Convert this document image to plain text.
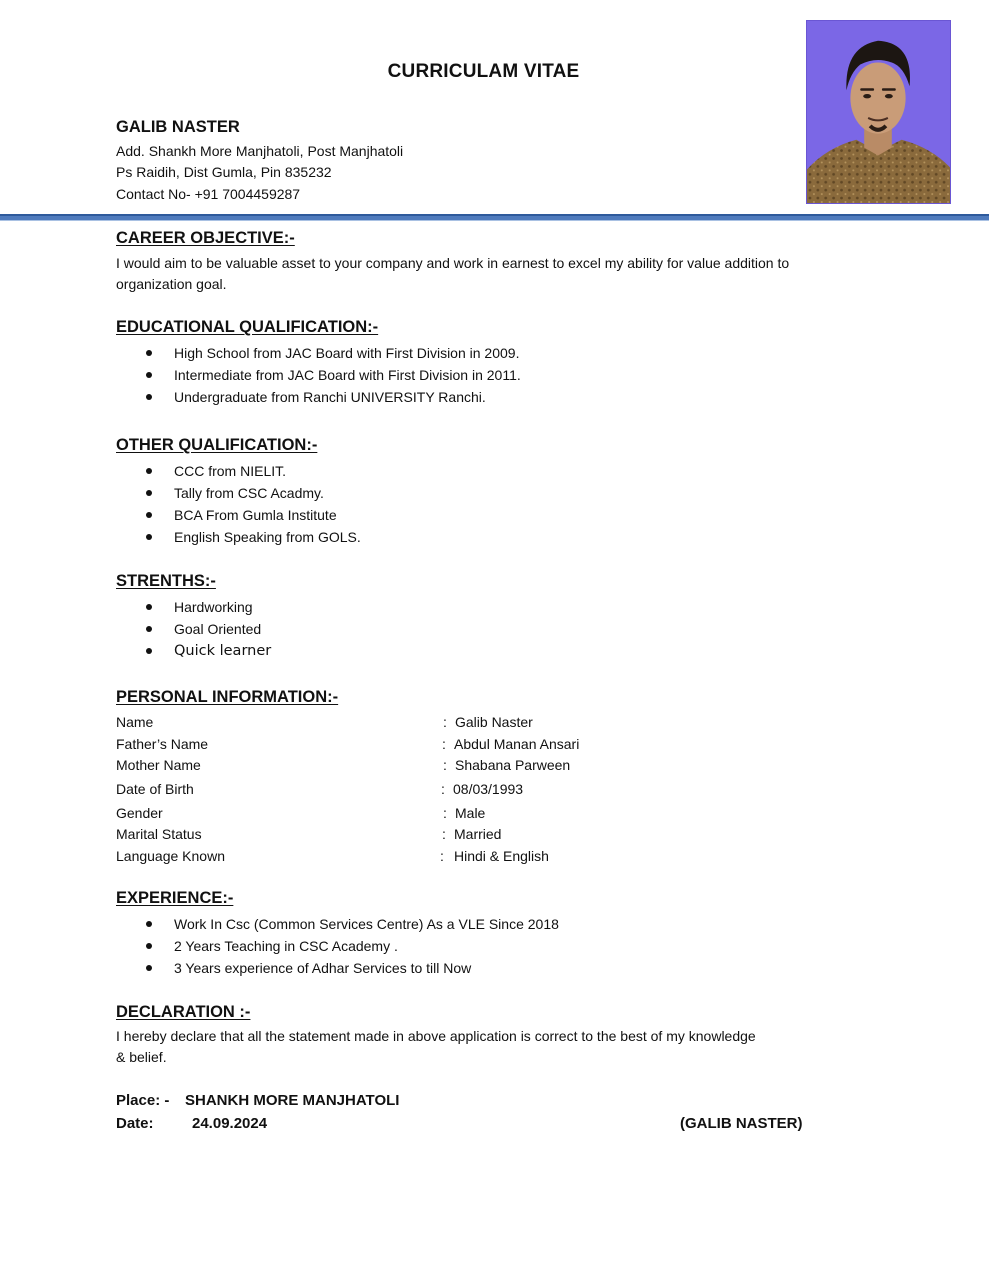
CURRICULAM VITAE
GALIB NASTER
Add. Shankh More Manjhatoli, Post Manjhatoli
Ps Raidih, Dist Gumla, Pin 835232
Contact No- +91 7004459287
CAREER OBJECTIVE:-
I would aim to be valuable asset to your company and work in earnest to excel my ability for value addition to
organization goal.
EDUCATIONAL QUALIFICATION:-
High School from JAC Board with First Division in 2009.
Intermediate from JAC Board with First Division in 2011.
Undergraduate from Ranchi UNIVERSITY Ranchi.
OTHER QUALIFICATION:-
CCC from NIELIT.
Tally from CSC Acadmy.
BCA From Gumla Institute
English Speaking from GOLS.
STRENTHS:-
Hardworking
Goal Oriented
Quick learner
PERSONAL INFORMATION:-
Name	: Galib Naster
Father’s Name	: Abdul Manan Ansari
Mother Name	: Shabana Parween
Date of Birth	: 08/03/1993
Gender	: Male
Marital Status	: Married
Language Known	: Hindi & English
EXPERIENCE:-
Work In Csc (Common Services Centre) As a VLE Since 2018
2 Years Teaching in CSC Academy .
3 Years experience of Adhar Services to till Now
DECLARATION :-
I hereby declare that all the statement made in above application is correct to the best of my knowledge
& belief.
Place: - SHANKH MORE MANJHATOLI
Date:	24.09.2024	(GALIB NASTER)
